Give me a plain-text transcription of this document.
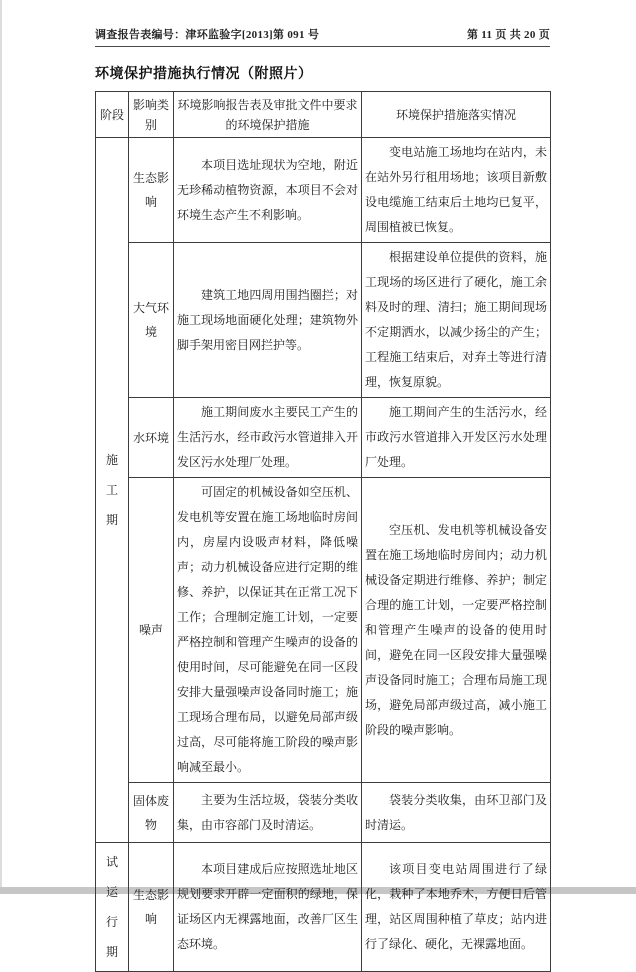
调查报告表编号：津环监验字[2013]第 091 号	第 11 页 共 20 页
环境保护措施执行情况（附照片）
阶段	影响类别	环境影响报告表及审批文件中要求的环境保护措施	环境保护措施落实情况

施工期	生态影响	本项目选址现状为空地，附近无珍稀动植物资源，本项目不会对环境生态产生不利影响。	变电站施工场地均在站内，未在站外另行租用场地；该项目新敷设电缆施工结束后土地均已复平，周围植被已恢复。

	大气环境	建筑工地四周用围挡圈拦；对施工现场地面硬化处理；建筑物外脚手架用密目网拦护等。	根据建设单位提供的资料，施工现场的场区进行了硬化，施工余料及时的理、清扫；施工期间现场不定期洒水，以减少扬尘的产生；工程施工结束后，对弃土等进行清理，恢复原貌。

	水环境	施工期间废水主要民工产生的生活污水，经市政污水管道排入开发区污水处理厂处理。	施工期间产生的生活污水，经市政污水管道排入开发区污水处理厂处理。

	噪声	可固定的机械设备如空压机、发电机等安置在施工场地临时房间内，房屋内设吸声材料，降低噪声；动力机械设备应进行定期的维修、养护，以保证其在正常工况下工作；合理制定施工计划，一定要严格控制和管理产生噪声的设备的使用时间，尽可能避免在同一区段安排大量强噪声设备同时施工；施工现场合理布局，以避免局部声级过高，尽可能将施工阶段的噪声影响减至最小。	空压机、发电机等机械设备安置在施工场地临时房间内；动力机械设备定期进行维修、养护；制定合理的施工计划，一定要严格控制和管理产生噪声的设备的使用时间，避免在同一区段安排大量强噪声设备同时施工；合理布局施工现场，避免局部声级过高，减小施工阶段的噪声影响。

	固体废物	主要为生活垃圾，袋装分类收集，由市容部门及时清运。	袋装分类收集，由环卫部门及时清运。

试运行期	生态影响	本项目建成后应按照选址地区规划要求开辟一定面积的绿地，保证场区内无裸露地面，改善厂区生态环境。	该项目变电站周围进行了绿化，栽种了本地乔木，方便日后管理，站区周围种植了草皮；站内进行了绿化、硬化，无裸露地面。
